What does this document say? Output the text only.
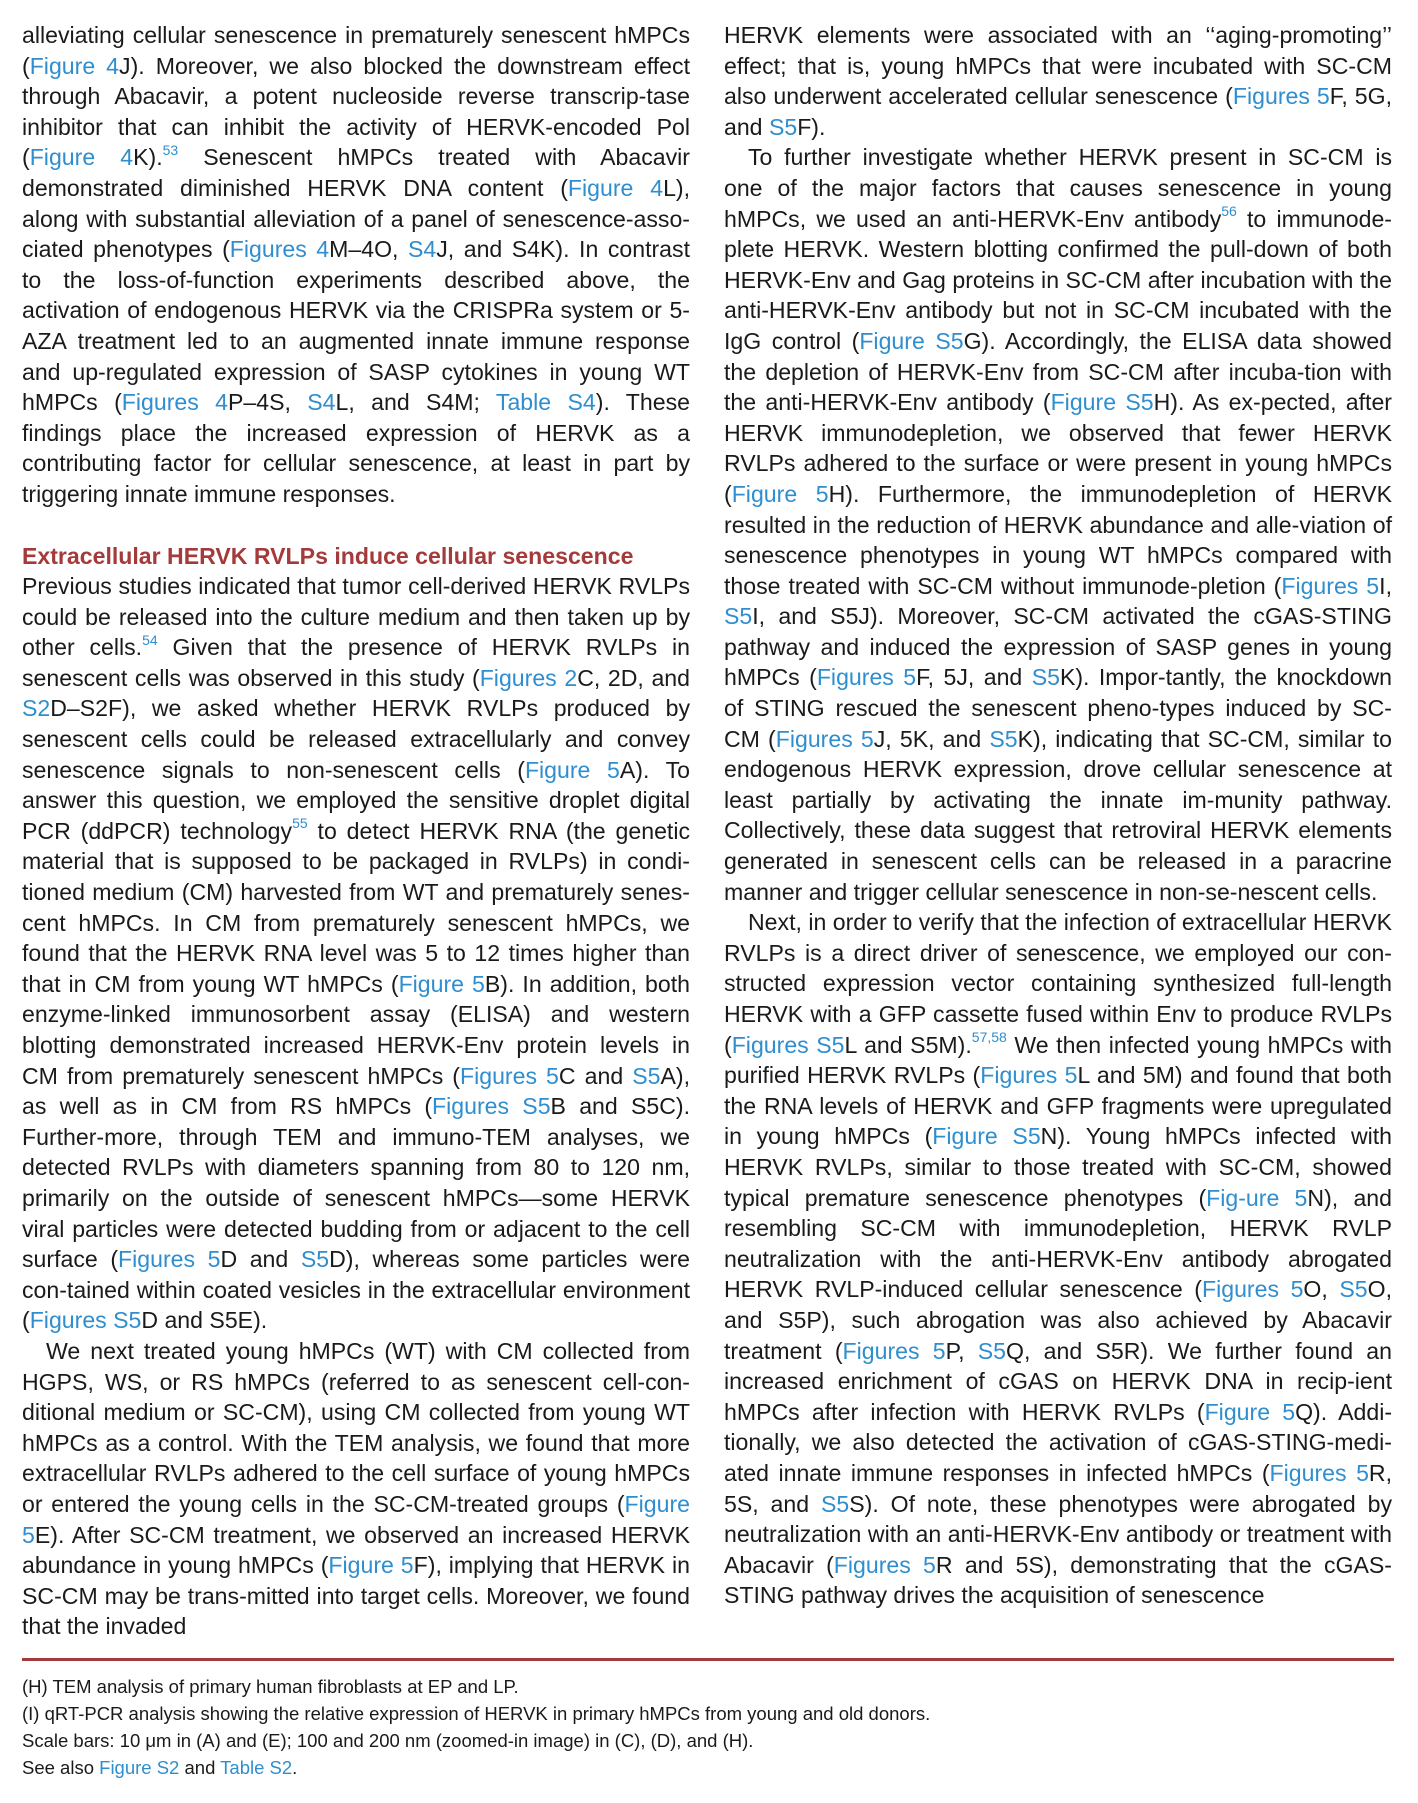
alleviating cellular senescence in prematurely senescent hMPCs (Figure 4J). Moreover, we also blocked the downstream effect through Abacavir, a potent nucleoside reverse transcrip-tase inhibitor that can inhibit the activity of HERVK-encoded Pol (Figure 4K).$^{53}$ Senescent hMPCs treated with Abacavir demonstrated diminished HERVK DNA content (Figure 4L), along with substantial alleviation of a panel of senescence-asso-ciated phenotypes (Figures 4M–4O, S4J, and S4K). In contrast to the loss-of-function experiments described above, the activation of endogenous HERVK via the CRISPRa system or 5-AZA treatment led to an augmented innate immune response and up-regulated expression of SASP cytokines in young WT hMPCs (Figures 4P–4S, S4L, and S4M; Table S4). These findings place the increased expression of HERVK as a contributing factor for cellular senescence, at least in part by triggering innate immune responses.

Extracellular HERVK RVLPs induce cellular senescence

Previous studies indicated that tumor cell-derived HERVK RVLPs could be released into the culture medium and then taken up by other cells.$^{54}$ Given that the presence of HERVK RVLPs in senescent cells was observed in this study (Figures 2C, 2D, and S2D–S2F), we asked whether HERVK RVLPs produced by senescent cells could be released extracellularly and convey senescence signals to non-senescent cells (Figure 5A). To answer this question, we employed the sensitive droplet digital PCR (ddPCR) technology$^{55}$ to detect HERVK RNA (the genetic material that is supposed to be packaged in RVLPs) in condi-tioned medium (CM) harvested from WT and prematurely senes-cent hMPCs. In CM from prematurely senescent hMPCs, we found that the HERVK RNA level was 5 to 12 times higher than that in CM from young WT hMPCs (Figure 5B). In addition, both enzyme-linked immunosorbent assay (ELISA) and western blotting demonstrated increased HERVK-Env protein levels in CM from prematurely senescent hMPCs (Figures 5C and S5A), as well as in CM from RS hMPCs (Figures S5B and S5C). Further-more, through TEM and immuno-TEM analyses, we detected RVLPs with diameters spanning from 80 to 120 nm, primarily on the outside of senescent hMPCs—some HERVK viral particles were detected budding from or adjacent to the cell surface (Figures 5D and S5D), whereas some particles were con-tained within coated vesicles in the extracellular environment (Figures S5D and S5E).

We next treated young hMPCs (WT) with CM collected from HGPS, WS, or RS hMPCs (referred to as senescent cell-con-ditional medium or SC-CM), using CM collected from young WT hMPCs as a control. With the TEM analysis, we found that more extracellular RVLPs adhered to the cell surface of young hMPCs or entered the young cells in the SC-CM-treated groups (Figure 5E). After SC-CM treatment, we observed an increased HERVK abundance in young hMPCs (Figure 5F), implying that HERVK in SC-CM may be trans-mitted into target cells. Moreover, we found that the invaded

HERVK elements were associated with an ‘‘aging-promoting’’ effect; that is, young hMPCs that were incubated with SC-CM also underwent accelerated cellular senescence (Figures 5F, 5G, and S5F).

To further investigate whether HERVK present in SC-CM is one of the major factors that causes senescence in young hMPCs, we used an anti-HERVK-Env antibody$^{56}$ to immunode-plete HERVK. Western blotting confirmed the pull-down of both HERVK-Env and Gag proteins in SC-CM after incubation with the anti-HERVK-Env antibody but not in SC-CM incubated with the IgG control (Figure S5G). Accordingly, the ELISA data showed the depletion of HERVK-Env from SC-CM after incuba-tion with the anti-HERVK-Env antibody (Figure S5H). As ex-pected, after HERVK immunodepletion, we observed that fewer HERVK RVLPs adhered to the surface or were present in young hMPCs (Figure 5H). Furthermore, the immunodepletion of HERVK resulted in the reduction of HERVK abundance and alle-viation of senescence phenotypes in young WT hMPCs compared with those treated with SC-CM without immunode-pletion (Figures 5I, S5I, and S5J). Moreover, SC-CM activated the cGAS-STING pathway and induced the expression of SASP genes in young hMPCs (Figures 5F, 5J, and S5K). Impor-tantly, the knockdown of STING rescued the senescent pheno-types induced by SC-CM (Figures 5J, 5K, and S5K), indicating that SC-CM, similar to endogenous HERVK expression, drove cellular senescence at least partially by activating the innate im-munity pathway. Collectively, these data suggest that retroviral HERVK elements generated in senescent cells can be released in a paracrine manner and trigger cellular senescence in non-se-nescent cells.

Next, in order to verify that the infection of extracellular HERVK RVLPs is a direct driver of senescence, we employed our con-structed expression vector containing synthesized full-length HERVK with a GFP cassette fused within Env to produce RVLPs (Figures S5L and S5M).$^{57,58}$ We then infected young hMPCs with purified HERVK RVLPs (Figures 5L and 5M) and found that both the RNA levels of HERVK and GFP fragments were upregulated in young hMPCs (Figure S5N). Young hMPCs infected with HERVK RVLPs, similar to those treated with SC-CM, showed typical premature senescence phenotypes (Fig-ure 5N), and resembling SC-CM with immunodepletion, HERVK RVLP neutralization with the anti-HERVK-Env antibody abrogated HERVK RVLP-induced cellular senescence (Figures 5O, S5O, and S5P), such abrogation was also achieved by Abacavir treatment (Figures 5P, S5Q, and S5R). We further found an increased enrichment of cGAS on HERVK DNA in recip-ient hMPCs after infection with HERVK RVLPs (Figure 5Q). Addi-tionally, we also detected the activation of cGAS-STING-medi-ated innate immune responses in infected hMPCs (Figures 5R, 5S, and S5S). Of note, these phenotypes were abrogated by neutralization with an anti-HERVK-Env antibody or treatment with Abacavir (Figures 5R and 5S), demonstrating that the cGAS-STING pathway drives the acquisition of senescence

(H) TEM analysis of primary human fibroblasts at EP and LP.

(I) qRT-PCR analysis showing the relative expression of HERVK in primary hMPCs from young and old donors.

Scale bars: 10 μm in (A) and (E); 100 and 200 nm (zoomed-in image) in (C), (D), and (H).

See also Figure S2 and Table S2.
